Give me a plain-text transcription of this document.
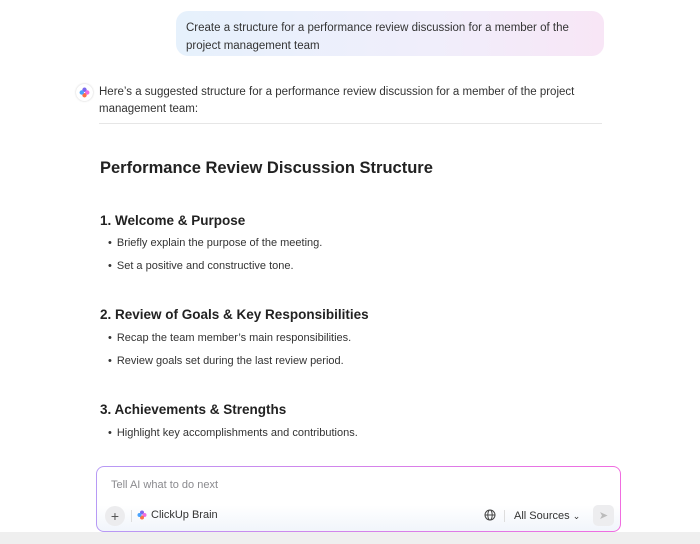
Create a structure for a performance review discussion for a member of the project management team
Here’s a suggested structure for a performance review discussion for a member of the project management team:
Performance Review Discussion Structure
1. Welcome & Purpose
• Briefly explain the purpose of the meeting.
• Set a positive and constructive tone.
2. Review of Goals & Key Responsibilities
• Recap the team member’s main responsibilities.
• Review goals set during the last review period.
3. Achievements & Strengths
• Highlight key accomplishments and contributions.
Tell AI what to do next
+	ClickUp Brain	All Sources ⌄ ➤
